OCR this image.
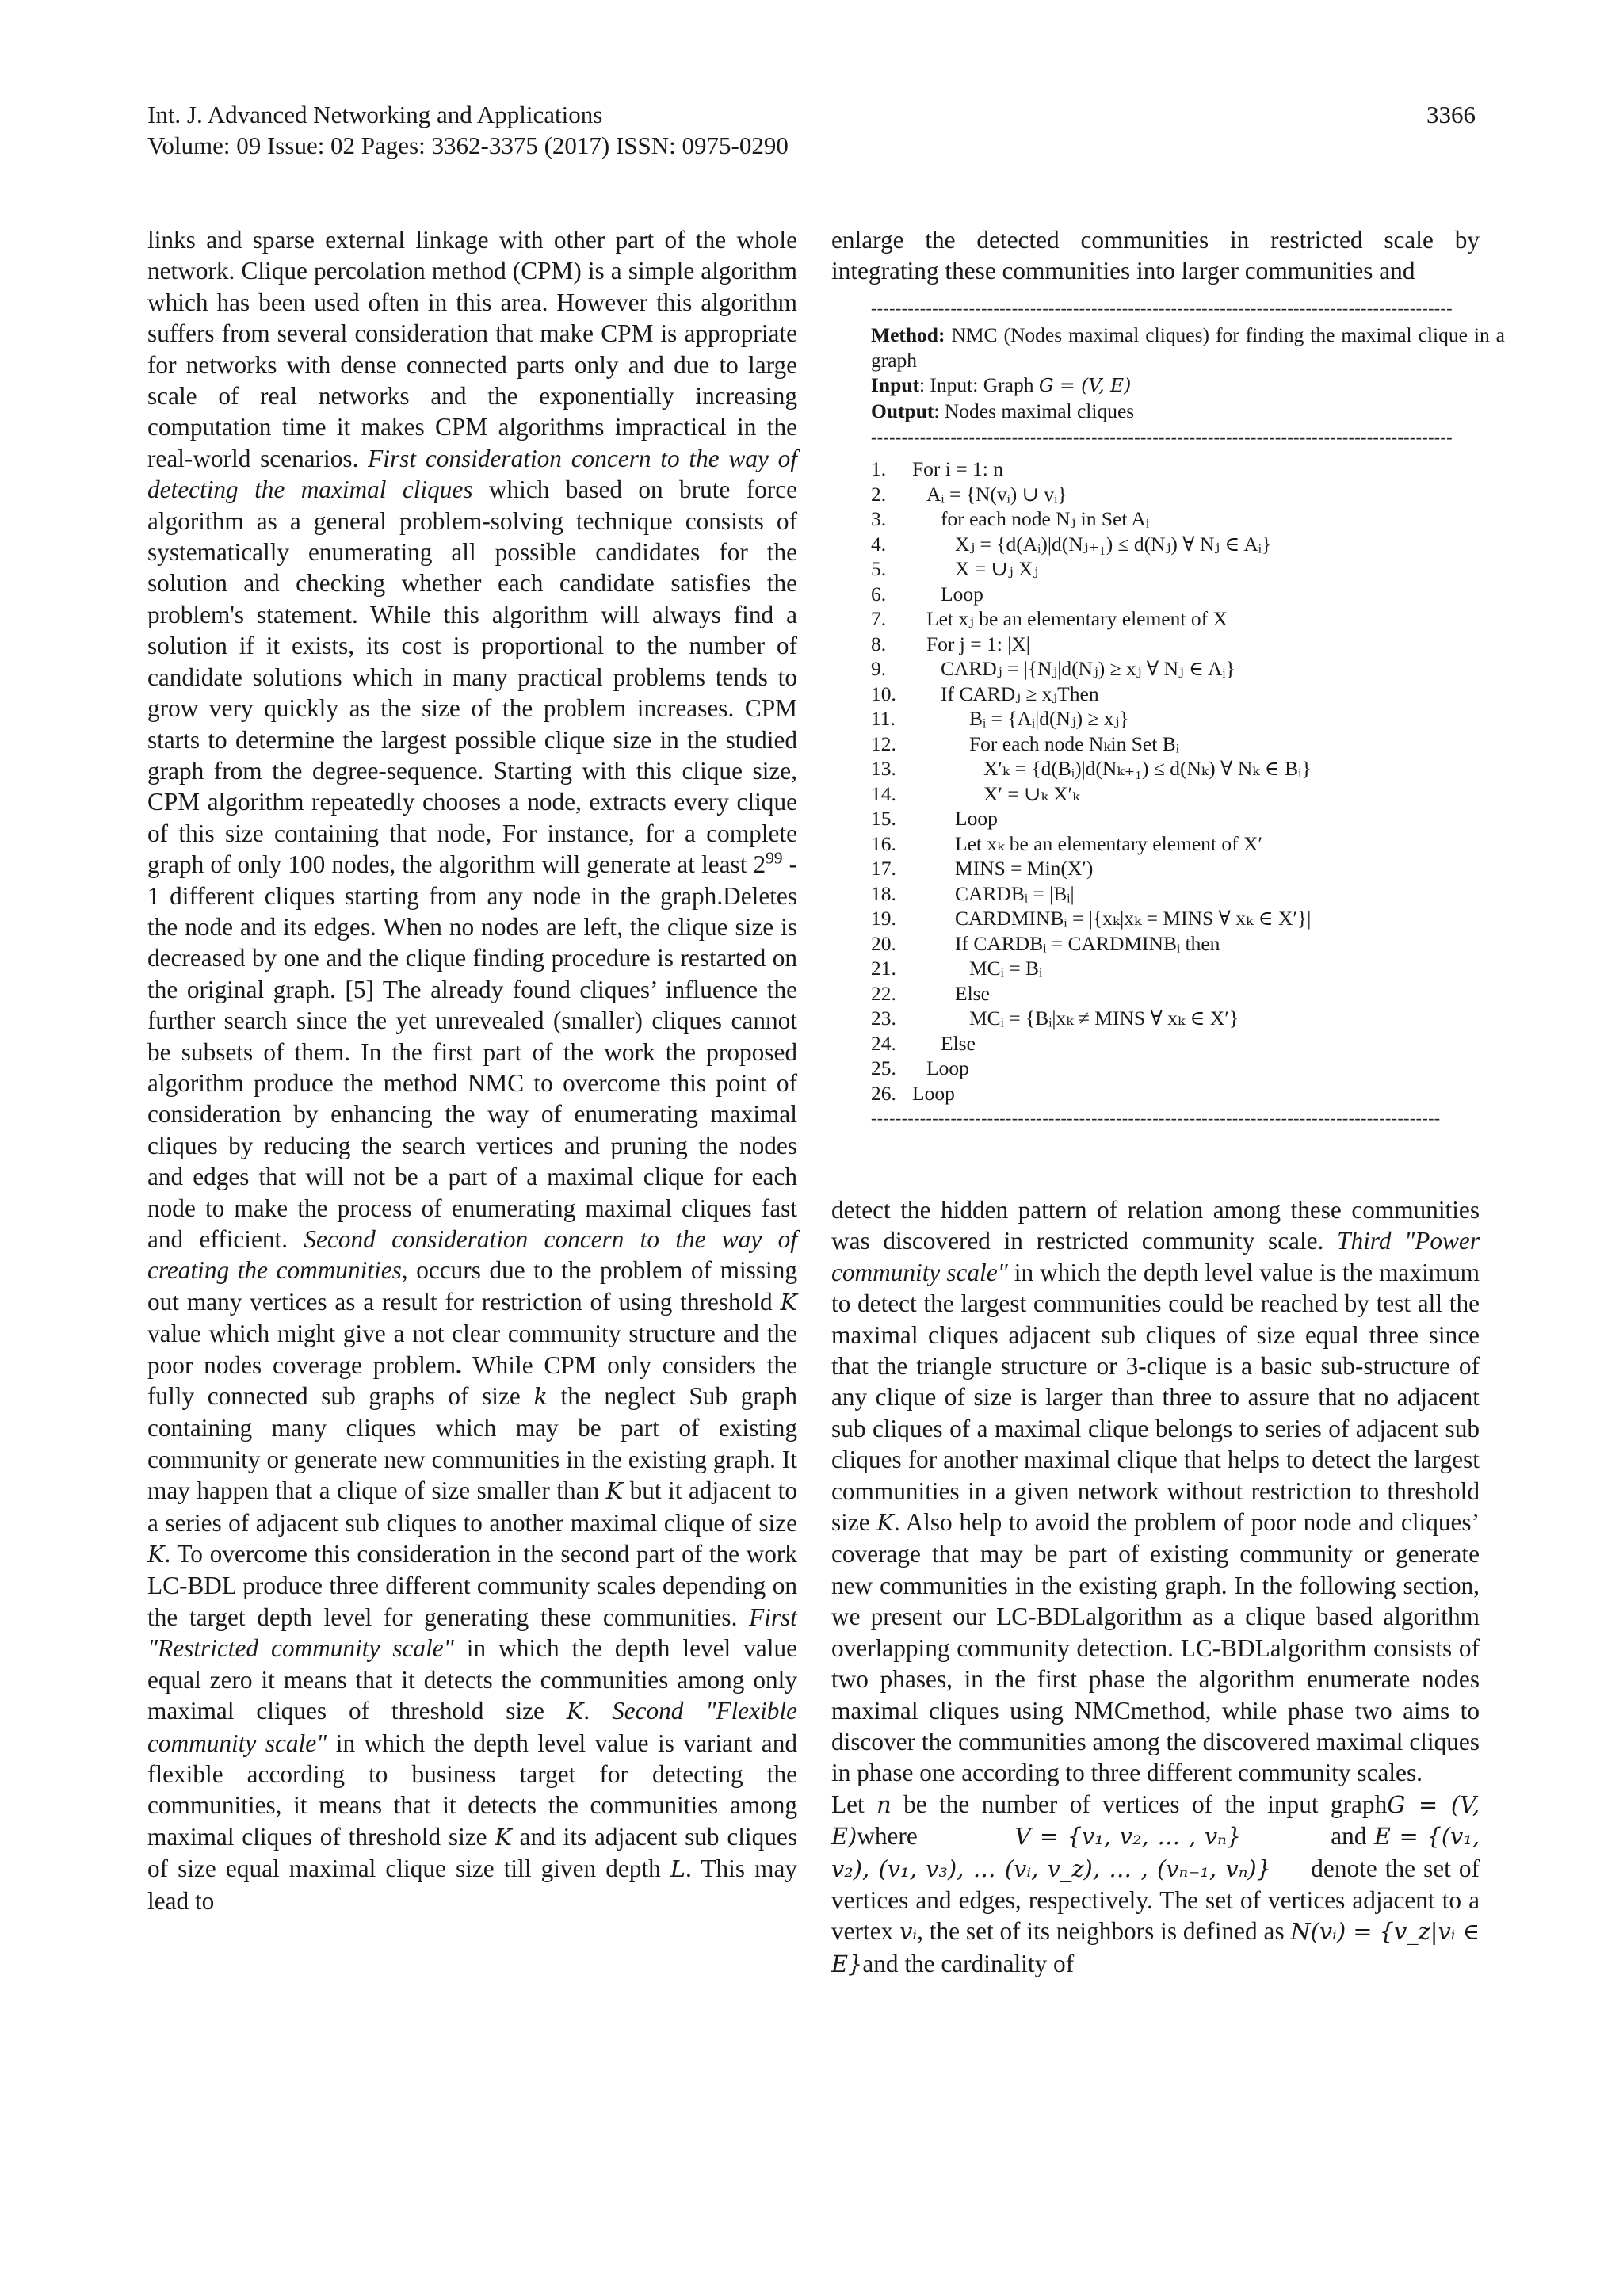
Int. J. Advanced Networking and Applications
Volume: 09 Issue: 02 Pages: 3362-3375 (2017) ISSN: 0975-0290
3366

links and sparse external linkage with other part of the whole network. Clique percolation method (CPM) is a simple algorithm which has been used often in this area. However this algorithm suffers from several consideration that make CPM is appropriate for networks with dense connected parts only and due to large scale of real networks and the exponentially increasing computation time it makes CPM algorithms impractical in the real-world scenarios. First consideration concern to the way of detecting the maximal cliques which based on brute force algorithm as a general problem-solving technique consists of systematically enumerating all possible candidates for the solution and checking whether each candidate satisfies the problem's statement. While this algorithm will always find a solution if it exists, its cost is proportional to the number of candidate solutions which in many practical problems tends to grow very quickly as the size of the problem increases. CPM starts to determine the largest possible clique size in the studied graph from the degree-sequence. Starting with this clique size, CPM algorithm repeatedly chooses a node, extracts every clique of this size containing that node, For instance, for a complete graph of only 100 nodes, the algorithm will generate at least $2^{99} - 1$ different cliques starting from any node in the graph.Deletes the node and its edges. When no nodes are left, the clique size is decreased by one and the clique finding procedure is restarted on the original graph. [5] The already found cliques’ influence the further search since the yet unrevealed (smaller) cliques cannot be subsets of them. In the first part of the work the proposed algorithm produce the method NMC to overcome this point of consideration by enhancing the way of enumerating maximal cliques by reducing the search vertices and pruning the nodes and edges that will not be a part of a maximal clique for each node to make the process of enumerating maximal cliques fast and efficient. Second consideration concern to the way of creating the communities, occurs due to the problem of missing out many vertices as a result for restriction of using threshold K value which might give a not clear community structure and the poor nodes coverage problem. While CPM only considers the fully connected sub graphs of size k the neglect Sub graph containing many cliques which may be part of existing community or generate new communities in the existing graph. It may happen that a clique of size smaller than K but it adjacent to a series of adjacent sub cliques to another maximal clique of size K. To overcome this consideration in the second part of the work LC-BDL produce three different community scales depending on the target depth level for generating these communities. First "Restricted community scale" in which the depth level value equal zero it means that it detects the communities among only maximal cliques of threshold size K. Second "Flexible community scale" in which the depth level value is variant and flexible according to business target for detecting the communities, it means that it detects the communities among maximal cliques of threshold size K and its adjacent sub cliques of size equal maximal clique size till given depth L. This may lead to

enlarge the detected communities in restricted scale by integrating these communities into larger communities and

detect the hidden pattern of relation among these communities was discovered in restricted community scale. Third "Power community scale" in which the depth level value is the maximum to detect the largest communities could be reached by test all the maximal cliques adjacent sub cliques of size equal three since that the triangle structure or 3-clique is a basic sub-structure of any clique of size is larger than three to assure that no adjacent sub cliques of a maximal clique belongs to series of adjacent sub cliques for another maximal clique that helps to detect the largest communities in a given network without restriction to threshold size K. Also help to avoid the problem of poor node and cliques’ coverage that may be part of existing community or generate new communities in the existing graph. In the following section, we present our LC-BDLalgorithm as a clique based algorithm overlapping community detection. LC-BDLalgorithm consists of two phases, in the first phase the algorithm enumerate nodes maximal cliques using NMCmethod, while phase two aims to discover the communities among the discovered maximal cliques in phase one according to three different community scales.

Let n be the number of vertices of the input graphG = (V, E)where	V = {v₁, v₂, … , vₙ}	and E = {(v₁, v₂), (v₁, v₃), … (vᵢ, v_z), … , (vₙ₋₁, vₙ)} denote the set of vertices and edges, respectively. The set of vertices adjacent to a vertex vᵢ, the set of its neighbors is defined as N(vᵢ) = {v_z|vᵢ ∈ E}and the cardinality of

-----------------------------------------------------------------------------------------------
Method: NMC (Nodes maximal cliques) for finding the maximal clique in a graph
Input: Input: Graph G = (V, E)
Output: Nodes maximal cliques
-----------------------------------------------------------------------------------------------
1.	For i = 1: n
2.	Aᵢ = {N(vᵢ) ∪ vᵢ}
3.	for each node Nⱼ in Set Aᵢ
4.	Xⱼ = {d(Aᵢ)|d(Nⱼ₊₁) ≤ d(Nⱼ) ∀ Nⱼ ∈ Aᵢ}
5.	X = ∪ⱼ Xⱼ
6.	Loop
7.	Let xⱼ be an elementary element of X
8.	For j = 1: |X|
9.	CARDⱼ = |{Nⱼ|d(Nⱼ) ≥ xⱼ ∀ Nⱼ ∈ Aᵢ}
10.	If CARDⱼ ≥ xⱼThen
11.	Bᵢ = {Aᵢ|d(Nⱼ) ≥ xⱼ}
12.	For each node Nₖin Set Bᵢ
13.	X′ₖ = {d(Bᵢ)|d(Nₖ₊₁) ≤ d(Nₖ) ∀ Nₖ ∈ Bᵢ}
14.	X′ = ∪ₖ X′ₖ
15.	Loop
16.	Let xₖ be an elementary element of X′
17.	MINS = Min(X′)
18.	CARDBᵢ = |Bᵢ|
19.	CARDMINBᵢ = |{xₖ|xₖ = MINS ∀ xₖ ∈ X′}|
20.	If CARDBᵢ = CARDMINBᵢ then
21.	MCᵢ = Bᵢ
22.	Else
23.	MCᵢ = {Bᵢ|xₖ ≠ MINS ∀ xₖ ∈ X′}
24.	Else
25.	Loop
26. Loop
---------------------------------------------------------------------------------------------
